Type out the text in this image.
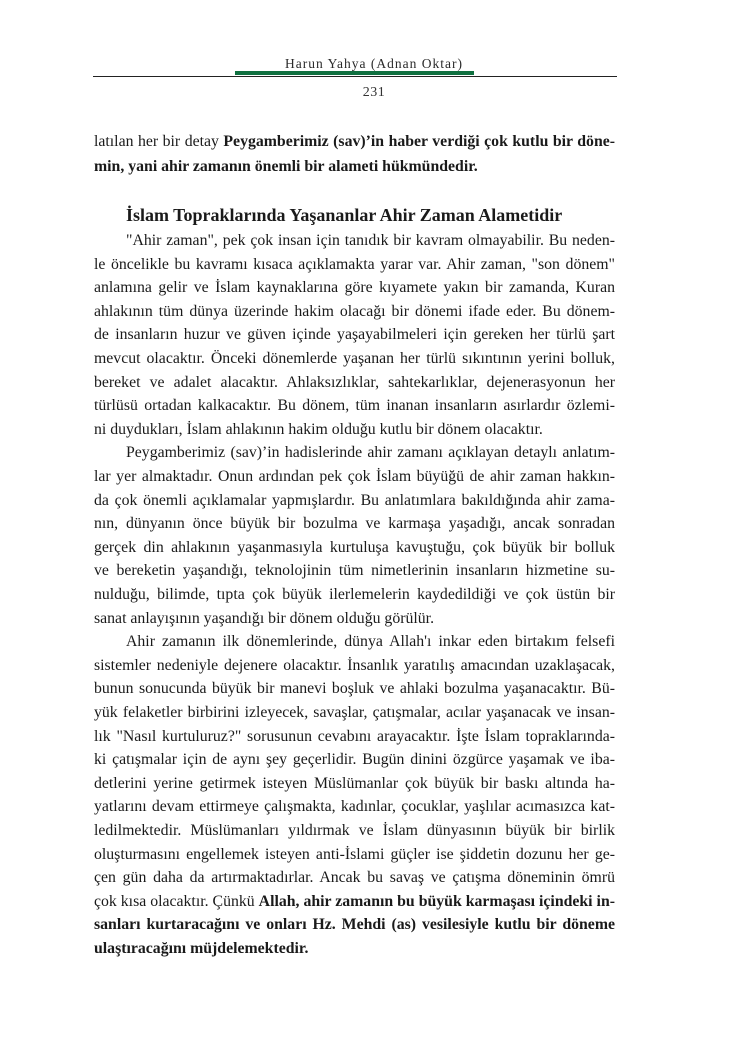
Harun Yahya (Adnan Oktar)
231
latılan her bir detay Peygamberimiz (sav)’in haber verdiği çok kutlu bir döne-
min, yani ahir zamanın önemli bir alameti hükmündedir.
İslam Topraklarında Yaşananlar Ahir Zaman Alametidir
"Ahir zaman", pek çok insan için tanıdık bir kavram olmayabilir. Bu neden-
le öncelikle bu kavramı kısaca açıklamakta yarar var. Ahir zaman, "son dönem"
anlamına gelir ve İslam kaynaklarına göre kıyamete yakın bir zamanda, Kuran
ahlakının tüm dünya üzerinde hakim olacağı bir dönemi ifade eder. Bu dönem-
de insanların huzur ve güven içinde yaşayabilmeleri için gereken her türlü şart
mevcut olacaktır. Önceki dönemlerde yaşanan her türlü sıkıntının yerini bolluk,
bereket ve adalet alacaktır. Ahlaksızlıklar, sahtekarlıklar, dejenerasyonun her
türlüsü ortadan kalkacaktır. Bu dönem, tüm inanan insanların asırlardır özlemi-
ni duydukları, İslam ahlakının hakim olduğu kutlu bir dönem olacaktır.
Peygamberimiz (sav)’in hadislerinde ahir zamanı açıklayan detaylı anlatım-
lar yer almaktadır. Onun ardından pek çok İslam büyüğü de ahir zaman hakkın-
da çok önemli açıklamalar yapmışlardır. Bu anlatımlara bakıldığında ahir zama-
nın, dünyanın önce büyük bir bozulma ve karmaşa yaşadığı, ancak sonradan
gerçek din ahlakının yaşanmasıyla kurtuluşa kavuştuğu, çok büyük bir bolluk
ve bereketin yaşandığı, teknolojinin tüm nimetlerinin insanların hizmetine su-
nulduğu, bilimde, tıpta çok büyük ilerlemelerin kaydedildiği ve çok üstün bir
sanat anlayışının yaşandığı bir dönem olduğu görülür.
Ahir zamanın ilk dönemlerinde, dünya Allah'ı inkar eden birtakım felsefi
sistemler nedeniyle dejenere olacaktır. İnsanlık yaratılış amacından uzaklaşacak,
bunun sonucunda büyük bir manevi boşluk ve ahlaki bozulma yaşanacaktır. Bü-
yük felaketler birbirini izleyecek, savaşlar, çatışmalar, acılar yaşanacak ve insan-
lık "Nasıl kurtuluruz?" sorusunun cevabını arayacaktır. İşte İslam topraklarında-
ki çatışmalar için de aynı şey geçerlidir. Bugün dinini özgürce yaşamak ve iba-
detlerini yerine getirmek isteyen Müslümanlar çok büyük bir baskı altında ha-
yatlarını devam ettirmeye çalışmakta, kadınlar, çocuklar, yaşlılar acımasızca kat-
ledilmektedir. Müslümanları yıldırmak ve İslam dünyasının büyük bir birlik
oluşturmasını engellemek isteyen anti-İslami güçler ise şiddetin dozunu her ge-
çen gün daha da artırmaktadırlar. Ancak bu savaş ve çatışma döneminin ömrü
çok kısa olacaktır. Çünkü Allah, ahir zamanın bu büyük karmaşası içindeki in-
sanları kurtaracağını ve onları Hz. Mehdi (as) vesilesiyle kutlu bir döneme
ulaştıracağını müjdelemektedir.
